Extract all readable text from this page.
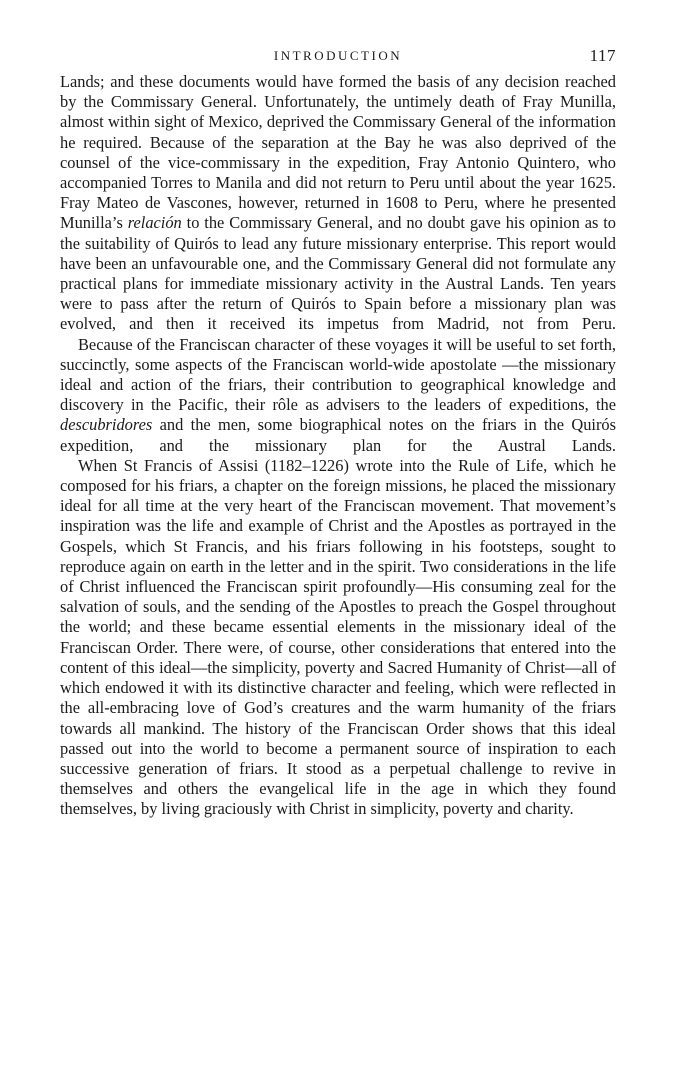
INTRODUCTION	117

Lands; and these documents would have formed the basis of any decision reached by the Commissary General. Unfortunately, the untimely death of Fray Munilla, almost within sight of Mexico, deprived the Commissary General of the information he required. Because of the separation at the Bay he was also deprived of the counsel of the vice-commissary in the expedition, Fray Antonio Quintero, who accompanied Torres to Manila and did not return to Peru until about the year 1625. Fray Mateo de Vascones, however, returned in 1608 to Peru, where he presented Munilla’s relación to the Commissary General, and no doubt gave his opinion as to the suitability of Quirós to lead any future missionary enterprise. This report would have been an unfavourable one, and the Commissary General did not formulate any practical plans for immediate missionary activity in the Austral Lands. Ten years were to pass after the return of Quirós to Spain before a missionary plan was evolved, and then it received its impetus from Madrid, not from Peru.

Because of the Franciscan character of these voyages it will be useful to set forth, succinctly, some aspects of the Franciscan world-wide apostolate —the missionary ideal and action of the friars, their contribution to geographical knowledge and discovery in the Pacific, their rôle as advisers to the leaders of expeditions, the descubridores and the men, some biographical notes on the friars in the Quirós expedition, and the missionary plan for the Austral Lands.

When St Francis of Assisi (1182–1226) wrote into the Rule of Life, which he composed for his friars, a chapter on the foreign missions, he placed the missionary ideal for all time at the very heart of the Franciscan movement. That movement’s inspiration was the life and example of Christ and the Apostles as portrayed in the Gospels, which St Francis, and his friars following in his footsteps, sought to reproduce again on earth in the letter and in the spirit. Two considerations in the life of Christ influenced the Franciscan spirit profoundly—His consuming zeal for the salvation of souls, and the sending of the Apostles to preach the Gospel throughout the world; and these became essential elements in the missionary ideal of the Franciscan Order. There were, of course, other considerations that entered into the content of this ideal—the simplicity, poverty and Sacred Humanity of Christ—all of which endowed it with its distinctive character and feeling, which were reflected in the all-embracing love of God’s creatures and the warm humanity of the friars towards all mankind. The history of the Franciscan Order shows that this ideal passed out into the world to become a permanent source of inspiration to each successive generation of friars. It stood as a perpetual challenge to revive in themselves and others the evangelical life in the age in which they found themselves, by living graciously with Christ in simplicity, poverty and charity.
